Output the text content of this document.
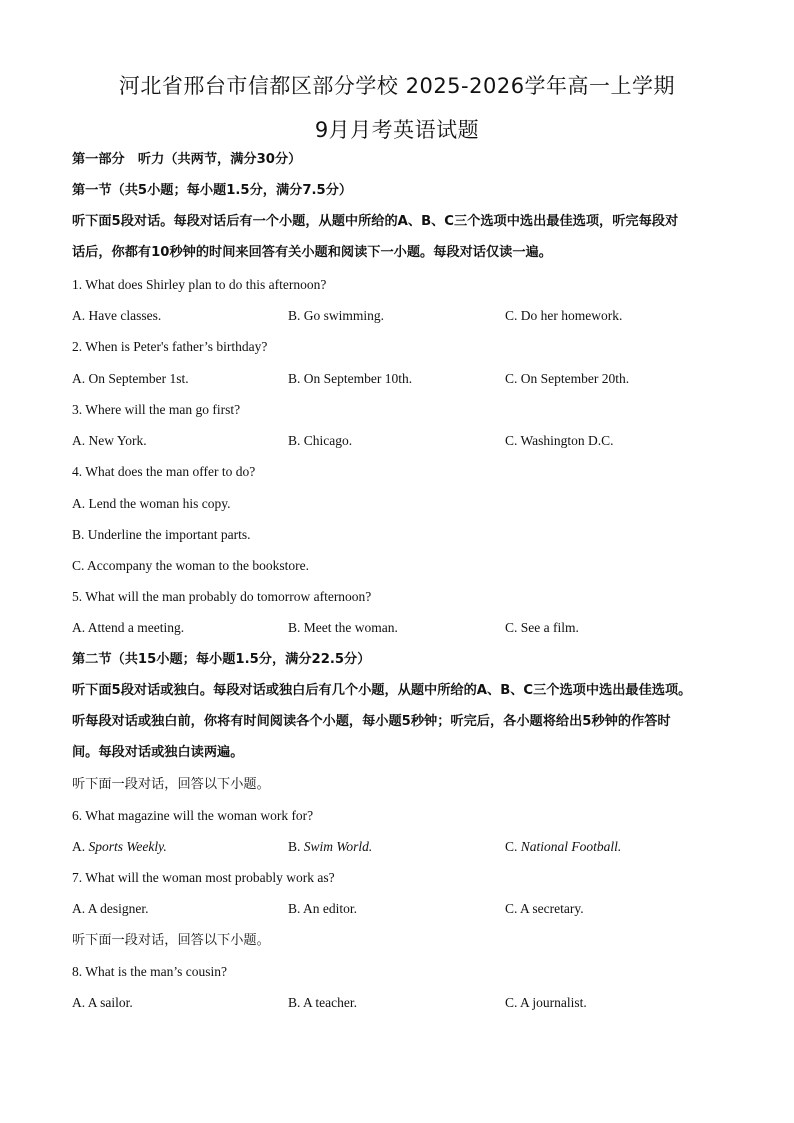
河北省邢台市信都区部分学校 2025-2026学年高一上学期
9月月考英语试题
第一部分　听力（共两节，满分30分）
第一节（共5小题；每小题1.5分，满分7.5分）
听下面5段对话。每段对话后有一个小题，从题中所给的A、B、C三个选项中选出最佳选项，听完每段对
话后，你都有10秒钟的时间来回答有关小题和阅读下一小题。每段对话仅读一遍。
1. What does Shirley plan to do this afternoon?
A. Have classes.	B. Go swimming.	C. Do her homework.
2. When is Peter's father’s birthday?
A. On September 1st.	B. On September 10th.	C. On September 20th.
3. Where will the man go first?
A. New York.	B. Chicago.	C. Washington D.C.
4. What does the man offer to do?
A. Lend the woman his copy.
B. Underline the important parts.
C. Accompany the woman to the bookstore.
5. What will the man probably do tomorrow afternoon?
A. Attend a meeting.	B. Meet the woman.	C. See a film.
第二节（共15小题；每小题1.5分，满分22.5分）
听下面5段对话或独白。每段对话或独白后有几个小题，从题中所给的A、B、C三个选项中选出最佳选项。
听每段对话或独白前，你将有时间阅读各个小题，每小题5秒钟；听完后，各小题将给出5秒钟的作答时
间。每段对话或独白读两遍。
听下面一段对话，回答以下小题。
6. What magazine will the woman work for?
A. Sports Weekly.	B. Swim World.	C. National Football.
7. What will the woman most probably work as?
A. A designer.	B. An editor.	C. A secretary.
听下面一段对话，回答以下小题。
8. What is the man’s cousin?
A. A sailor.	B. A teacher.	C. A journalist.
